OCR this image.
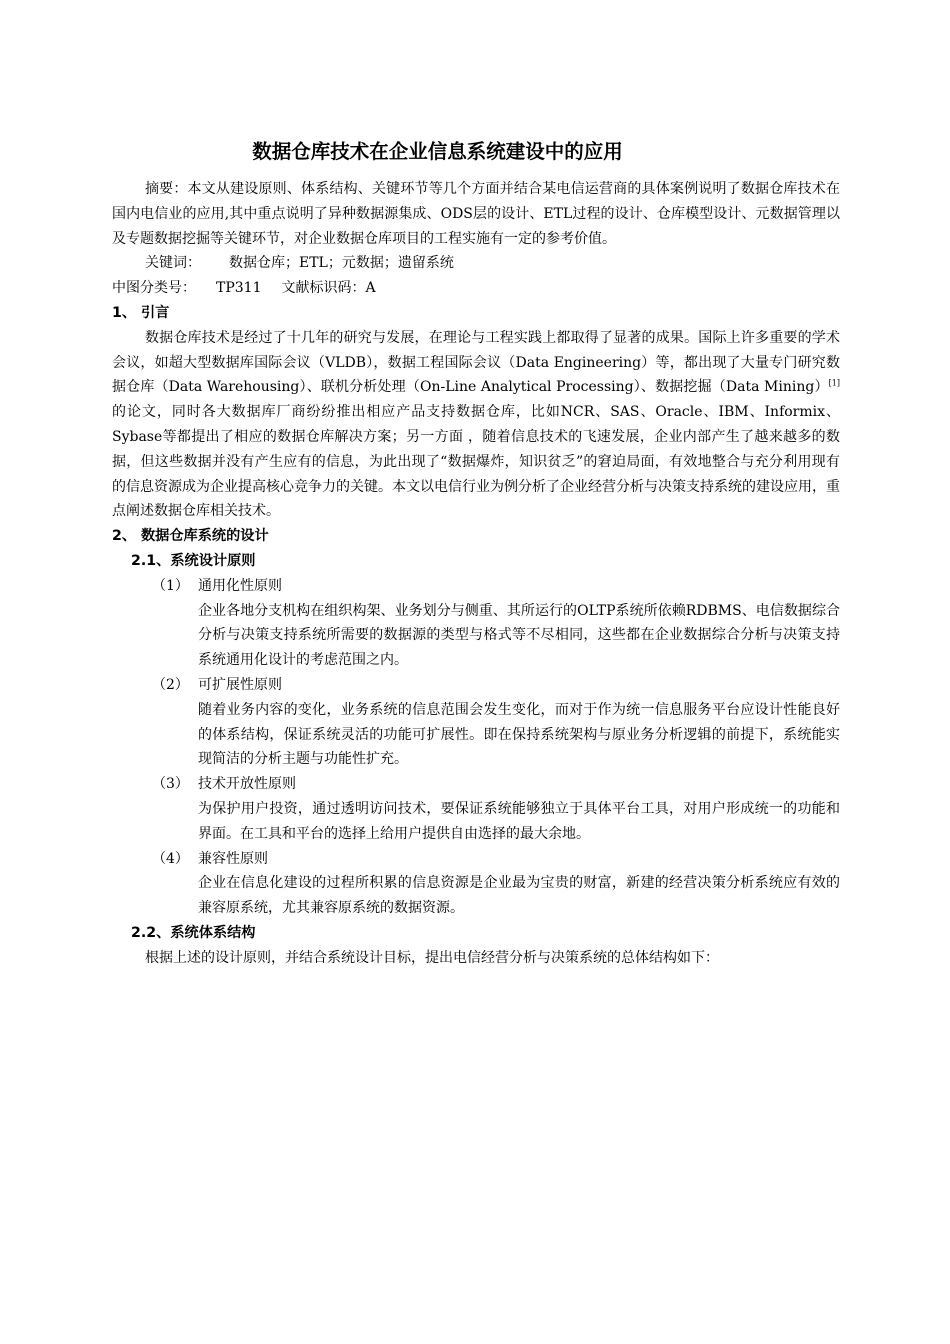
数据仓库技术在企业信息系统建设中的应用

摘要：本文从建设原则、体系结构、关键环节等几个方面并结合某电信运营商的具体案例说明了数据仓库技术在国内电信业的应用,其中重点说明了异种数据源集成、ODS层的设计、ETL过程的设计、仓库模型设计、元数据管理以及专题数据挖掘等关键环节，对企业数据仓库项目的工程实施有一定的参考价值。

关键词： 数据仓库；ETL；元数据；遗留系统

中图分类号： TP311 文献标识码：A

1、 引言

数据仓库技术是经过了十几年的研究与发展，在理论与工程实践上都取得了显著的成果。国际上许多重要的学术会议，如超大型数据库国际会议（VLDB），数据工程国际会议（Data Engineering）等，都出现了大量专门研究数据仓库（Data Warehousing）、联机分析处理（On-Line Analytical Processing）、数据挖掘（Data Mining）[1]的论文，同时各大数据库厂商纷纷推出相应产品支持数据仓库，比如NCR、SAS、Oracle、IBM、Informix、Sybase等都提出了相应的数据仓库解决方案；另一方面 ，随着信息技术的飞速发展，企业内部产生了越来越多的数据，但这些数据并没有产生应有的信息，为此出现了“数据爆炸，知识贫乏”的窘迫局面，有效地整合与充分利用现有的信息资源成为企业提高核心竞争力的关键。本文以电信行业为例分析了企业经营分析与决策支持系统的建设应用，重点阐述数据仓库相关技术。

2、 数据仓库系统的设计
2.1、系统设计原则

（1） 通用化性原则

企业各地分支机构在组织构架、业务划分与侧重、其所运行的OLTP系统所依赖RDBMS、电信数据综合分析与决策支持系统所需要的数据源的类型与格式等不尽相同，这些都在企业数据综合分析与决策支持系统通用化设计的考虑范围之内。

（2） 可扩展性原则

随着业务内容的变化，业务系统的信息范围会发生变化，而对于作为统一信息服务平台应设计性能良好的体系结构，保证系统灵活的功能可扩展性。即在保持系统架构与原业务分析逻辑的前提下，系统能实现简洁的分析主题与功能性扩充。

（3） 技术开放性原则

为保护用户投资，通过透明访问技术，要保证系统能够独立于具体平台工具，对用户形成统一的功能和界面。在工具和平台的选择上给用户提供自由选择的最大余地。

（4） 兼容性原则

企业在信息化建设的过程所积累的信息资源是企业最为宝贵的财富，新建的经营决策分析系统应有效的兼容原系统，尤其兼容原系统的数据资源。

2.2、系统体系结构

根据上述的设计原则，并结合系统设计目标，提出电信经营分析与决策系统的总体结构如下：
